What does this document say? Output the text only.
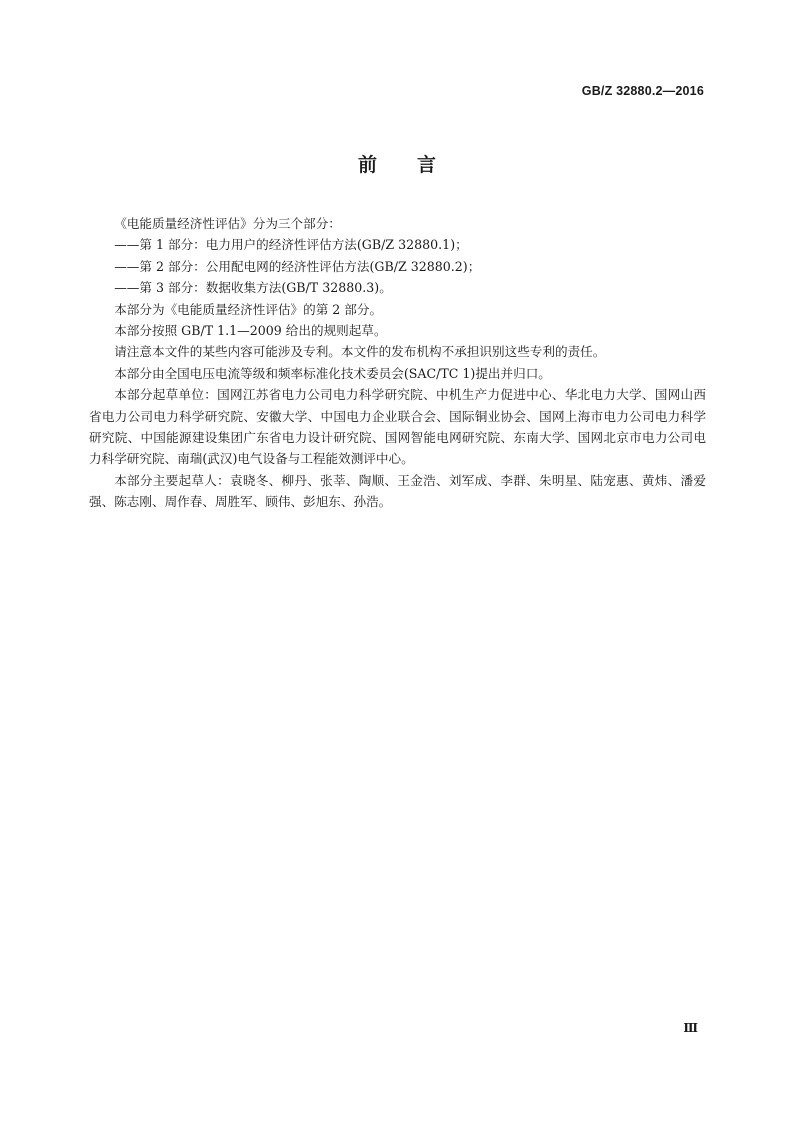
GB/Z 32880.2—2016
前言

《电能质量经济性评估》分为三个部分：

——第 1 部分：电力用户的经济性评估方法(GB/Z 32880.1)；

——第 2 部分：公用配电网的经济性评估方法(GB/Z 32880.2)；

——第 3 部分：数据收集方法(GB/T 32880.3)。

本部分为《电能质量经济性评估》的第 2 部分。

本部分按照 GB/T 1.1—2009 给出的规则起草。

请注意本文件的某些内容可能涉及专利。本文件的发布机构不承担识别这些专利的责任。

本部分由全国电压电流等级和频率标准化技术委员会(SAC/TC 1)提出并归口。

本部分起草单位：国网江苏省电力公司电力科学研究院、中机生产力促进中心、华北电力大学、国网山西省电力公司电力科学研究院、安徽大学、中国电力企业联合会、国际铜业协会、国网上海市电力公司电力科学研究院、中国能源建设集团广东省电力设计研究院、国网智能电网研究院、东南大学、国网北京市电力公司电力科学研究院、南瑞(武汉)电气设备与工程能效测评中心。

本部分主要起草人：袁晓冬、柳丹、张莘、陶顺、王金浩、刘军成、李群、朱明星、陆宠惠、黄炜、潘爱强、陈志刚、周作春、周胜军、顾伟、彭旭东、孙浩。

Ⅲ
